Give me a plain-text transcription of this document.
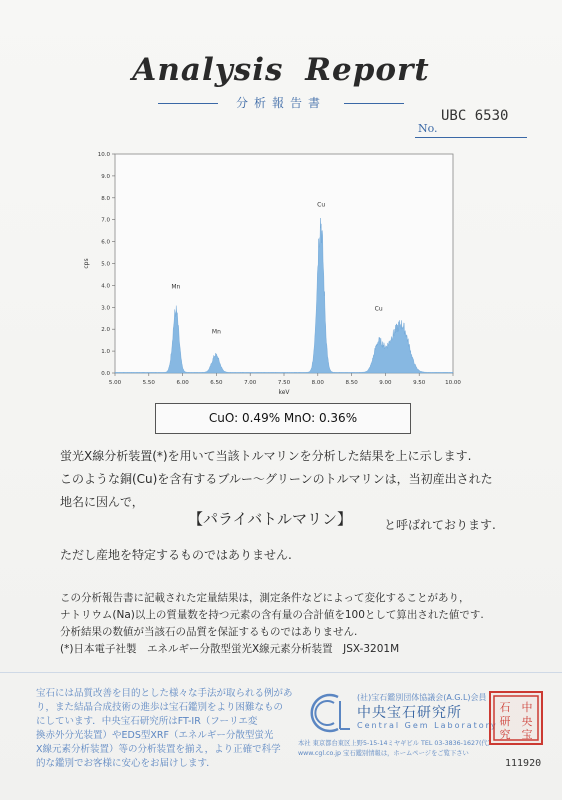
Analysis Report
分析報告書
UBC 6530
No.
5.00	5.50	6.00	6.50	7.00	7.50	8.00	8.50	9.00	9.50	10.00
0.0
1.0
2.0
3.0
4.0
5.0
6.0
7.0
8.0
9.0
10.0
keV
cps
Mn
Mn
Cu
Cu
CuO: 0.49% MnO: 0.36%
蛍光X線分析装置(*)を用いて当該トルマリンを分析した結果を上に示します.
このような銅(Cu)を含有するブルー〜グリーンのトルマリンは，当初産出された
地名に因んで，
【パライバトルマリン】	と呼ばれております.
ただし産地を特定するものではありません.
この分析報告書に記載された定量結果は，測定条件などによって変化することがあり，
ナトリウム(Na)以上の質量数を持つ元素の含有量の合計値を100として算出された値です.
分析結果の数値が当該石の品質を保証するものではありません.
(*)日本電子社製　エネルギー分散型蛍光X線元素分析装置　JSX-3201M
宝石には品質改善を目的とした様々な手法が取られる例があ
り，また結晶合成技術の進歩は宝石鑑別をより困難なもの
にしています．中央宝石研究所はFT-IR（フーリエ変
換赤外分光装置）やEDS型XRF（エネルギー分散型蛍光
X線元素分析装置）等の分析装置を揃え，より正確で科学
的な鑑別でお客様に安心をお届けします．
(社)宝石鑑別団体協議会(A.G.L)会員
中央宝石研究所
Central Gem Laboratory
本社 東京都台東区上野5-15-14ミヤギビル TEL 03-3836-1627(代)
www.cgl.co.jp 宝石鑑別情報は，ホームページをご覧下さい
中
央
宝
石
研
究
111920
